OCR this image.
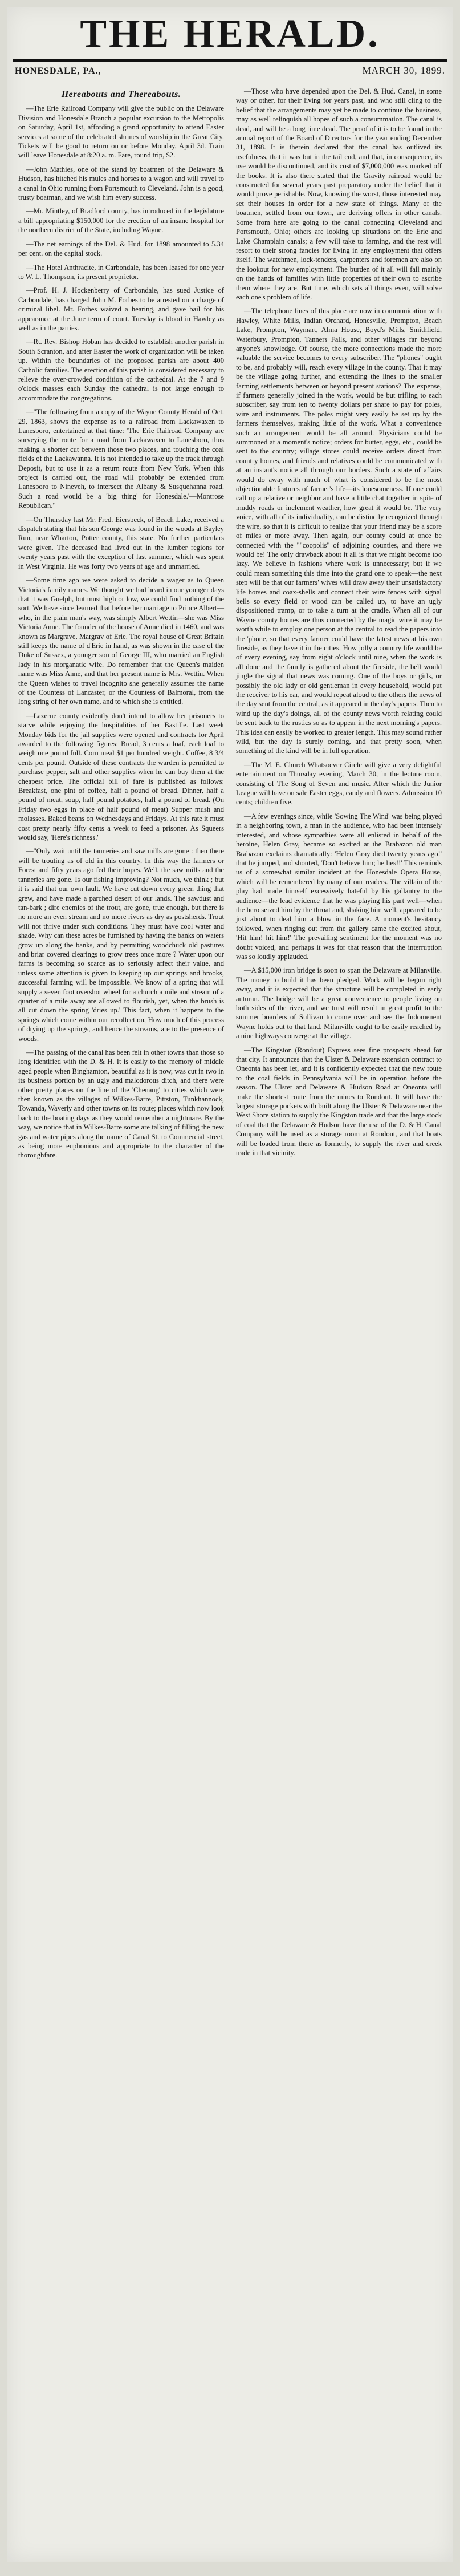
THE HERALD.
HONESDALE, PA.,	MARCH 30, 1899.
Hereabouts and Thereabouts.

—The Erie Railroad Company will give the public on the Delaware Division and Honesdale Branch a popular excursion to the Metropolis on Saturday, April 1st, affording a grand opportunity to attend Easter services at some of the celebrated shrines of worship in the Great City. Tickets will be good to return on or before Monday, April 3d. Train will leave Honesdale at 8:20 a. m. Fare, round trip, $2.

—John Mathies, one of the stand by boatmen of the Delaware & Hudson, has hitched his mules and horses to a wagon and will travel to a canal in Ohio running from Portsmouth to Cleveland. John is a good, trusty boatman, and we wish him every success.

—Mr. Mintley, of Bradford county, has introduced in the legislature a bill appropriating $150,000 for the erection of an insane hospital for the northern district of the State, including Wayne.

—The net earnings of the Del. & Hud. for 1898 amounted to 5.34 per cent. on the capital stock.

—The Hotel Anthracite, in Carbondale, has been leased for one year to W. L. Thompson, its present proprietor.

—Prof. H. J. Hockenberry of Carbondale, has sued Justice of Carbondale, has charged John M. Forbes to be arrested on a charge of criminal libel. Mr. Forbes waived a hearing, and gave bail for his appearance at the June term of court. Tuesday is blood in Hawley as well as in the parties.

—Rt. Rev. Bishop Hoban has decided to establish another parish in South Scranton, and after Easter the work of organization will be taken up. Within the boundaries of the proposed parish are about 400 Catholic families. The erection of this parish is considered necessary to relieve the over-crowded condition of the cathedral. At the 7 and 9 o'clock masses each Sunday the cathedral is not large enough to accommodate the congregations.

—"The following from a copy of the Wayne County Herald of Oct. 29, 1863, shows the expense as to a railroad from Lackawaxen to Lanesboro, entertained at that time: 'The Erie Railroad Company are surveying the route for a road from Lackawaxen to Lanesboro, thus making a shorter cut between those two places, and touching the coal fields of the Lackawanna. It is not intended to take up the track through Deposit, but to use it as a return route from New York. When this project is carried out, the road will probably be extended from Lanesboro to Nineveh, to intersect the Albany & Susquehanna road. Such a road would be a 'big thing' for Honesdale.'—Montrose Republican."

—On Thursday last Mr. Fred. Eiersbeck, of Beach Lake, received a dispatch stating that his son George was found in the woods at Bayley Run, near Wharton, Potter county, this state. No further particulars were given. The deceased had lived out in the lumber regions for twenty years past with the exception of last summer, which was spent in West Virginia. He was forty two years of age and unmarried.

—Some time ago we were asked to decide a wager as to Queen Victoria's family names. We thought we had heard in our younger days that it was Guelph, but must high or low, we could find nothing of the sort. We have since learned that before her marriage to Prince Albert—who, in the plain man's way, was simply Albert Wettin—she was Miss Victoria Anne. The founder of the house of Anne died in 1460, and was known as Margrave, Margrav of Erie. The royal house of Great Britain still keeps the name of d'Erie in hand, as was shown in the case of the Duke of Sussex, a younger son of George III, who married an English lady in his morganatic wife. Do remember that the Queen's maiden name was Miss Anne, and that her present name is Mrs. Wettin. When the Queen wishes to travel incognito she generally assumes the name of the Countess of Lancaster, or the Countess of Balmoral, from the long string of her own name, and to which she is entitled.

—Lazerne county evidently don't intend to allow her prisoners to starve while enjoying the hospitalities of her Bastille. Last week Monday bids for the jail supplies were opened and contracts for April awarded to the following figures: Bread, 3 cents a loaf, each loaf to weigh one pound full. Corn meal $1 per hundred weight. Coffee, 8 3/4 cents per pound. Outside of these contracts the warden is permitted to purchase pepper, salt and other supplies when he can buy them at the cheapest price. The official bill of fare is published as follows: Breakfast, one pint of coffee, half a pound of bread. Dinner, half a pound of meat, soup, half pound potatoes, half a pound of bread. (On Friday two eggs in place of half pound of meat) Supper mush and molasses. Baked beans on Wednesdays and Fridays. At this rate it must cost pretty nearly fifty cents a week to feed a prisoner. As Squeers would say, 'Here's richness.'

—"Only wait until the tanneries and saw mills are gone : then there will be trouting as of old in this country. In this way the farmers or Forest and fifty years ago fed their hopes. Well, the saw mills and the tanneries are gone. Is our fishing improving? Not much, we think ; but it is said that our own fault. We have cut down every green thing that grew, and have made a parched desert of our lands. The sawdust and tan-bark ; dire enemies of the trout, are gone, true enough, but there is no more an even stream and no more rivers as dry as postsherds. Trout will not thrive under such conditions. They must have cool water and shade. Why can these acres be furnished by having the banks on waters grow up along the banks, and by permitting woodchuck old pastures and briar covered clearings to grow trees once more ? Water upon our farms is becoming so scarce as to seriously affect their value, and unless some attention is given to keeping up our springs and brooks, successful farming will be impossible. We know of a spring that will supply a seven foot overshot wheel for a church a mile and stream of a quarter of a mile away are allowed to flourish, yet, when the brush is all cut down the spring 'dries up.' This fact, when it happens to the springs which come within our recollection, How much of this process of drying up the springs, and hence the streams, are to the presence of woods.

—The passing of the canal has been felt in other towns than those so long identified with the D. & H. It is easily to the memory of middle aged people when Binghamton, beautiful as it is now, was cut in two in its business portion by an ugly and malodorous ditch, and there were other pretty places on the line of the 'Chenang' to cities which were then known as the villages of Wilkes-Barre, Pittston, Tunkhannock, Towanda, Waverly and other towns on its route; places which now look back to the boating days as they would remember a nightmare. By the way, we notice that in Wilkes-Barre some are talking of filling the new gas and water pipes along the name of Canal St. to Commercial street, as being more euphonious and appropriate to the character of the thoroughfare.

—Those who have depended upon the Del. & Hud. Canal, in some way or other, for their living for years past, and who still cling to the belief that the arrangements may yet be made to continue the business, may as well relinquish all hopes of such a consummation. The canal is dead, and will be a long time dead. The proof of it is to be found in the annual report of the Board of Directors for the year ending December 31, 1898. It is therein declared that the canal has outlived its usefulness, that it was but in the tail end, and that, in consequence, its use would be discontinued, and its cost of $7,000,000 was marked off the books. It is also there stated that the Gravity railroad would be constructed for several years past preparatory under the belief that it would prove perishable. Now, knowing the worst, those interested may set their houses in order for a new state of things. Many of the boatmen, settled from our town, are deriving offers in other canals. Some from here are going to the canal connecting Cleveland and Portsmouth, Ohio; others are looking up situations on the Erie and Lake Champlain canals; a few will take to farming, and the rest will resort to their strong fancies for living in any employment that offers itself. The watchmen, lock-tenders, carpenters and foremen are also on the lookout for new employment. The burden of it all will fall mainly on the hands of families with little properties of their own to ascribe them where they are. But time, which sets all things even, will solve each one's problem of life.

—The telephone lines of this place are now in communication with Hawley, White Mills, Indian Orchard, Honesville, Prompton, Beach Lake, Prompton, Waymart, Alma House, Boyd's Mills, Smithfield, Waterbury, Prompton, Tanners Falls, and other villages far beyond anyone's knowledge. Of course, the more connections made the more valuable the service becomes to every subscriber. The "phones" ought to be, and probably will, reach every village in the county. That it may be the village going further, and extending the lines to the smaller farming settlements between or beyond present stations? The expense, if farmers generally joined in the work, would be but trifling to each subscriber, say from ten to twenty dollars per share to pay for poles, wire and instruments. The poles might very easily be set up by the farmers themselves, making little of the work. What a convenience such an arrangement would be all around. Physicians could be summoned at a moment's notice; orders for butter, eggs, etc., could be sent to the country; village stores could receive orders direct from country homes, and friends and relatives could be communicated with at an instant's notice all through our borders. Such a state of affairs would do away with much of what is considered to be the most objectionable features of farmer's life—its lonesomeness. If one could call up a relative or neighbor and have a little chat together in spite of muddy roads or inclement weather, how great it would be. The very voice, with all of its individuality, can be distinctly recognized through the wire, so that it is difficult to realize that your friend may be a score of miles or more away. Then again, our county could at once be connected with the ""coopolis" of adjoining counties, and there we would be! The only drawback about it all is that we might become too lazy. We believe in fashions where work is unnecessary; but if we could mean something this time into the grand one to speak—the next step will be that our farmers' wives will draw away their unsatisfactory life horses and coax-shells and connect their wire fences with signal bells so every field or wood can be called up, to have an ugly dispositioned tramp, or to take a turn at the cradle. When all of our Wayne county homes are thus connected by the magic wire it may be worth while to employ one person at the central to read the papers into the 'phone, so that every farmer could have the latest news at his own fireside, as they have it in the cities. How jolly a country life would be of every evening, say from eight o'clock until nine, when the work is all done and the family is gathered about the fireside, the bell would jingle the signal that news was coming. One of the boys or girls, or possibly the old lady or old gentleman in every household, would put the receiver to his ear, and would repeat aloud to the others the news of the day sent from the central, as it appeared in the day's papers. Then to wind up the day's doings, all of the county news worth relating could be sent back to the rustics so as to appear in the next morning's papers. This idea can easily be worked to greater length. This may sound rather wild, but the day is surely coming, and that pretty soon, when something of the kind will be in full operation.

—The M. E. Church Whatsoever Circle will give a very delightful entertainment on Thursday evening, March 30, in the lecture room, consisting of The Song of Seven and music. After which the Junior League will have on sale Easter eggs, candy and flowers. Admission 10 cents; children five.

—A few evenings since, while 'Sowing The Wind' was being played in a neighboring town, a man in the audience, who had been intensely interested, and whose sympathies were all enlisted in behalf of the heroine, Helen Gray, became so excited at the Brabazon old man Brabazon exclaims dramatically: 'Helen Gray died twenty years ago!' that he jumped, and shouted, 'Don't believe him; he lies!!' This reminds us of a somewhat similar incident at the Honesdale Opera House, which will be remembered by many of our readers. The villain of the play had made himself excessively hateful by his gallantry to the audience—the lead evidence that he was playing his part well—when the hero seized him by the throat and, shaking him well, appeared to be just about to deal him a blow in the face. A moment's hesitancy followed, when ringing out from the gallery came the excited shout, 'Hit him! hit him!' The prevailing sentiment for the moment was no doubt voiced, and perhaps it was for that reason that the interruption was so loudly applauded.

—A $15,000 iron bridge is soon to span the Delaware at Milanville. The money to build it has been pledged. Work will be begun right away, and it is expected that the structure will be completed in early autumn. The bridge will be a great convenience to people living on both sides of the river, and we trust will result in great profit to the summer boarders of Sullivan to come over and see the Indomenent Wayne holds out to that land. Milanville ought to be easily reached by a nine highways converge at the village.

—The Kingston (Rondout) Express sees fine prospects ahead for that city. It announces that the Ulster & Delaware extension contract to Oneonta has been let, and it is confidently expected that the new route to the coal fields in Pennsylvania will be in operation before the season. The Ulster and Delaware & Hudson Road at Oneonta will make the shortest route from the mines to Rondout. It will have the largest storage pockets with built along the Ulster & Delaware near the West Shore station to supply the Kingston trade and that the large stock of coal that the Delaware & Hudson have the use of the D. & H. Canal Company will be used as a storage room at Rondout, and that boats will be loaded from there as formerly, to supply the river and creek trade in that vicinity.
